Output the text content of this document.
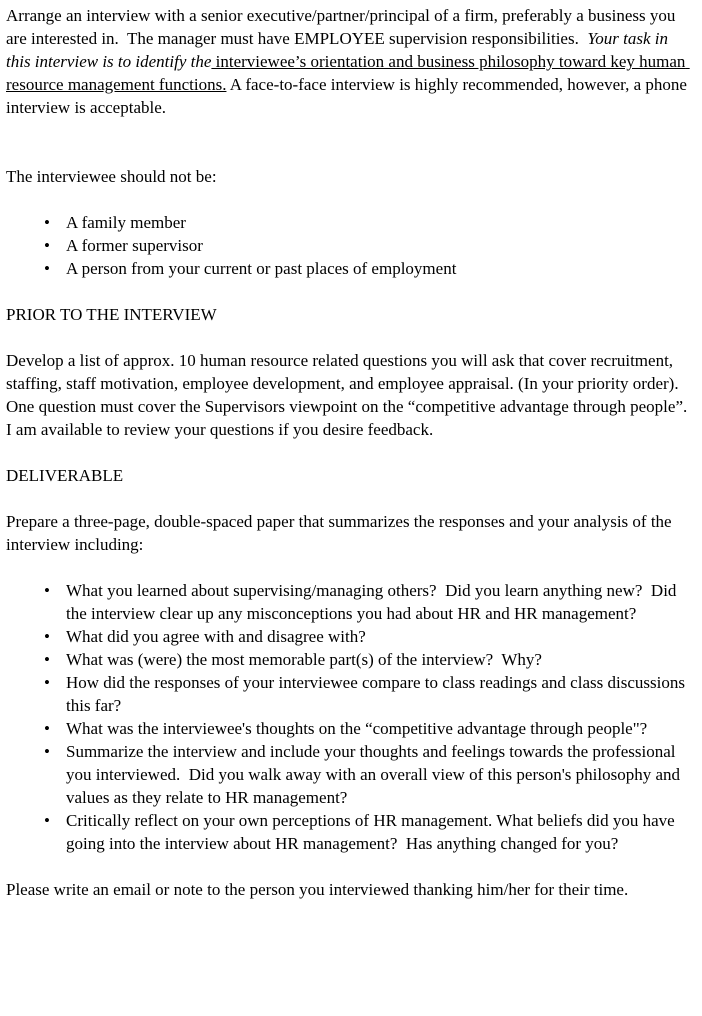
Arrange an interview with a senior executive/partner/principal of a firm, preferably a business you are interested in.  The manager must have EMPLOYEE supervision responsibilities.  Your task in this interview is to identify the interviewee’s orientation and business philosophy toward key human resource management functions. A face-to-face interview is highly recommended, however, a phone interview is acceptable.

The interviewee should not be:

• A family member
• A former supervisor
• A person from your current or past places of employment

PRIOR TO THE INTERVIEW

Develop a list of approx. 10 human resource related questions you will ask that cover recruitment, staffing, staff motivation, employee development, and employee appraisal. (In your priority order).  One question must cover the Supervisors viewpoint on the “competitive advantage through people”.  I am available to review your questions if you desire feedback.

DELIVERABLE

Prepare a three-page, double-spaced paper that summarizes the responses and your analysis of the interview including:

• What you learned about supervising/managing others?  Did you learn anything new?  Did the interview clear up any misconceptions you had about HR and HR management?
• What did you agree with and disagree with?
• What was (were) the most memorable part(s) of the interview?  Why?
• How did the responses of your interviewee compare to class readings and class discussions this far?
• What was the interviewee's thoughts on the “competitive advantage through people"?
• Summarize the interview and include your thoughts and feelings towards the professional you interviewed.  Did you walk away with an overall view of this person's philosophy and values as they relate to HR management?
• Critically reflect on your own perceptions of HR management. What beliefs did you have going into the interview about HR management?  Has anything changed for you?

Please write an email or note to the person you interviewed thanking him/her for their time.
